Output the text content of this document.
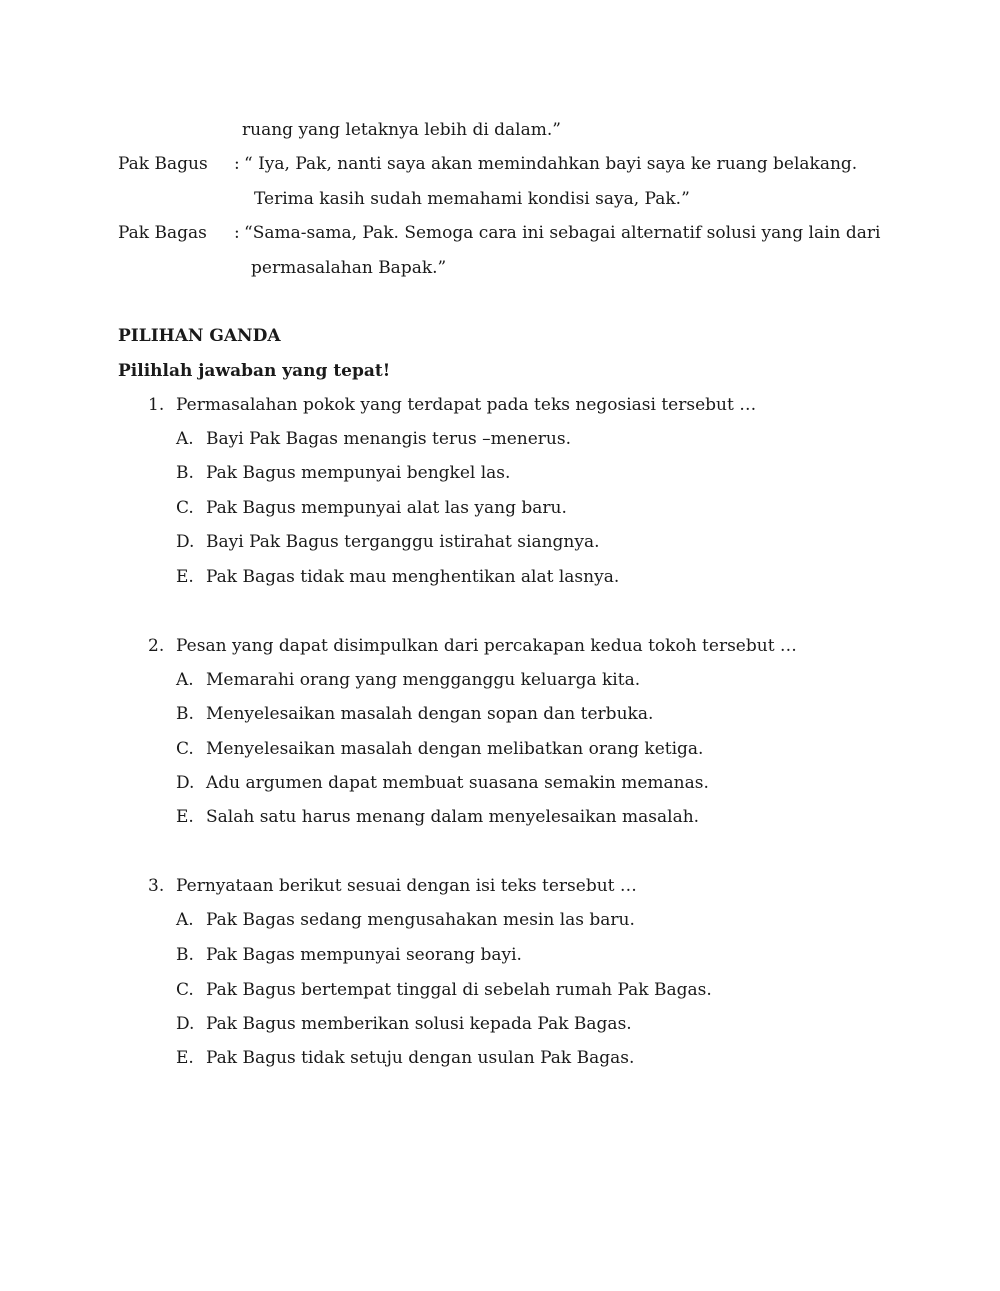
ruang yang letaknya lebih di dalam.”
Pak Bagus : “ Iya, Pak, nanti saya akan memindahkan bayi saya ke ruang belakang.
Terima kasih sudah memahami kondisi saya, Pak.”
Pak Bagas : “Sama-sama, Pak. Semoga cara ini sebagai alternatif solusi yang lain dari
permasalahan Bapak.”
PILIHAN GANDA
Pilihlah jawaban yang tepat!
1. Permasalahan pokok yang terdapat pada teks negosiasi tersebut …
A. Bayi Pak Bagas menangis terus –menerus.
B. Pak Bagus mempunyai bengkel las.
C. Pak Bagus mempunyai alat las yang baru.
D. Bayi Pak Bagus terganggu istirahat siangnya.
E. Pak Bagas tidak mau menghentikan alat lasnya.
2. Pesan yang dapat disimpulkan dari percakapan kedua tokoh tersebut …
A. Memarahi orang yang mengganggu keluarga kita.
B. Menyelesaikan masalah dengan sopan dan terbuka.
C. Menyelesaikan masalah dengan melibatkan orang ketiga.
D. Adu argumen dapat membuat suasana semakin memanas.
E. Salah satu harus menang dalam menyelesaikan masalah.
3. Pernyataan berikut sesuai dengan isi teks tersebut …
A. Pak Bagas sedang mengusahakan mesin las baru.
B. Pak Bagas mempunyai seorang bayi.
C. Pak Bagus bertempat tinggal di sebelah rumah Pak Bagas.
D. Pak Bagus memberikan solusi kepada Pak Bagas.
E. Pak Bagus tidak setuju dengan usulan Pak Bagas.
